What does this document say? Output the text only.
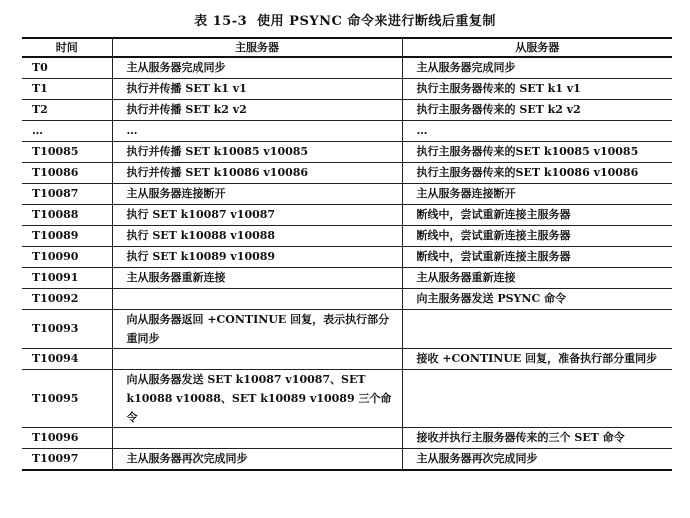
表 15-3 使用 PSYNC 命令来进行断线后重复制
时间	主服务器	从服务器
T0	主从服务器完成同步	主从服务器完成同步
T1	执行并传播 SET k1 v1	执行主服务器传来的 SET k1 v1
T2	执行并传播 SET k2 v2	执行主服务器传来的 SET k2 v2
…	…	…
T10085	执行并传播 SET k10085 v10085	执行主服务器传来的SET k10085 v10085
T10086	执行并传播 SET k10086 v10086	执行主服务器传来的SET k10086 v10086
T10087	主从服务器连接断开	主从服务器连接断开
T10088	执行 SET k10087 v10087	断线中，尝试重新连接主服务器
T10089	执行 SET k10088 v10088	断线中，尝试重新连接主服务器
T10090	执行 SET k10089 v10089	断线中，尝试重新连接主服务器
T10091	主从服务器重新连接	主从服务器重新连接
T10092		向主服务器发送 PSYNC 命令
T10093	向从服务器返回 +CONTINUE 回复，表示执行部分重同步	
T10094		接收 +CONTINUE 回复，准备执行部分重同步
T10095	向从服务器发送 SET k10087 v10087、SET k10088 v10088、SET k10089 v10089 三个命令	
T10096		接收并执行主服务器传来的三个 SET 命令
T10097	主从服务器再次完成同步	主从服务器再次完成同步
